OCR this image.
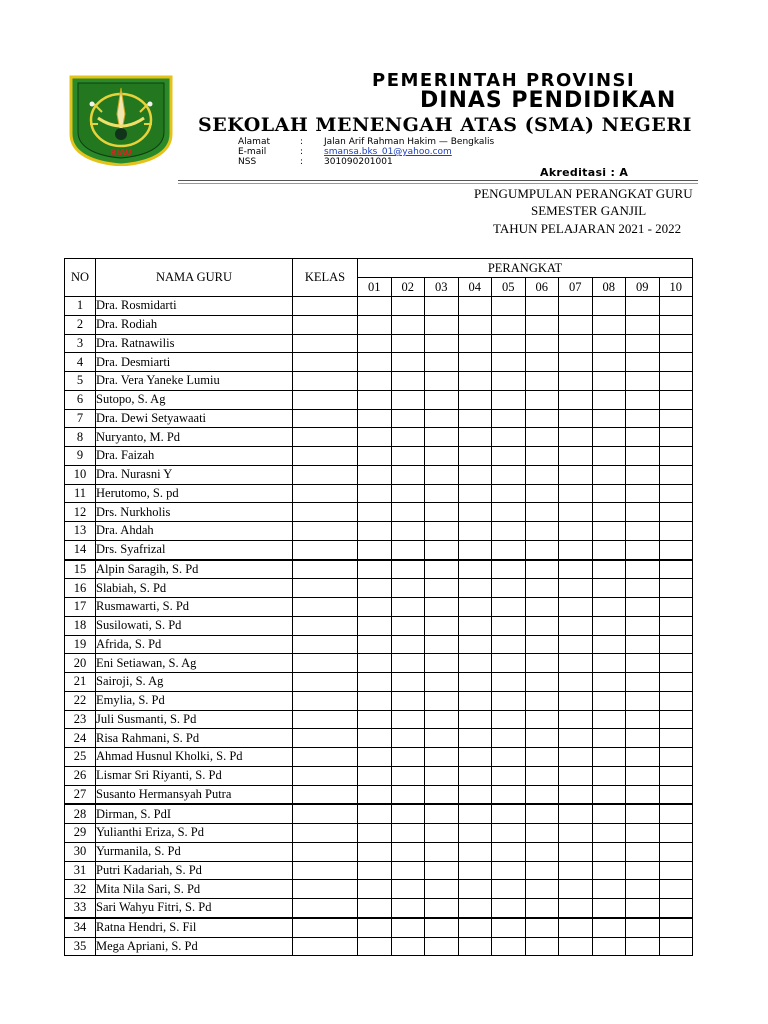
RIAU
PEMERINTAH PROVINSI
DINAS PENDIDIKAN
SEKOLAH MENENGAH ATAS (SMA) NEGERI
Alamat	: Jalan Arif Rahman Hakim — Bengkalis
E-mail	: smansa.bks_01@yahoo.com
NSS	: 301090201001
Akreditasi : A
PENGUMPULAN PERANGKAT GURU
SEMESTER GANJIL
TAHUN PELAJARAN 2021 - 2022
NO	NAMA GURU	KELAS	PERANGKAT									
			01	02	03	04	05	06	07	08	09	10
1	Dra. Rosmidarti											
2	Dra. Rodiah											
3	Dra. Ratnawilis											
4	Dra. Desmiarti											
5	Dra. Vera Yaneke Lumiu											
6	Sutopo, S. Ag											
7	Dra. Dewi Setyawaati											
8	Nuryanto, M. Pd											
9	Dra. Faizah											
10	Dra. Nurasni Y											
11	Herutomo, S. pd											
12	Drs. Nurkholis											
13	Dra. Ahdah											
14	Drs. Syafrizal											
15	Alpin Saragih, S. Pd											
16	Slabiah, S. Pd											
17	Rusmawarti, S. Pd											
18	Susilowati, S. Pd											
19	Afrida, S. Pd											
20	Eni Setiawan, S. Ag											
21	Sairoji, S. Ag											
22	Emylia, S. Pd											
23	Juli Susmanti, S. Pd											
24	Risa Rahmani, S. Pd											
25	Ahmad Husnul Kholki, S. Pd											
26	Lismar Sri Riyanti, S. Pd											
27	Susanto Hermansyah Putra											
28	Dirman, S. PdI											
29	Yulianthi Eriza, S. Pd											
30	Yurmanila, S. Pd											
31	Putri Kadariah, S. Pd											
32	Mita Nila Sari, S. Pd											
33	Sari Wahyu Fitri, S. Pd											
34	Ratna Hendri, S. Fil											
35	Mega Apriani, S. Pd											
